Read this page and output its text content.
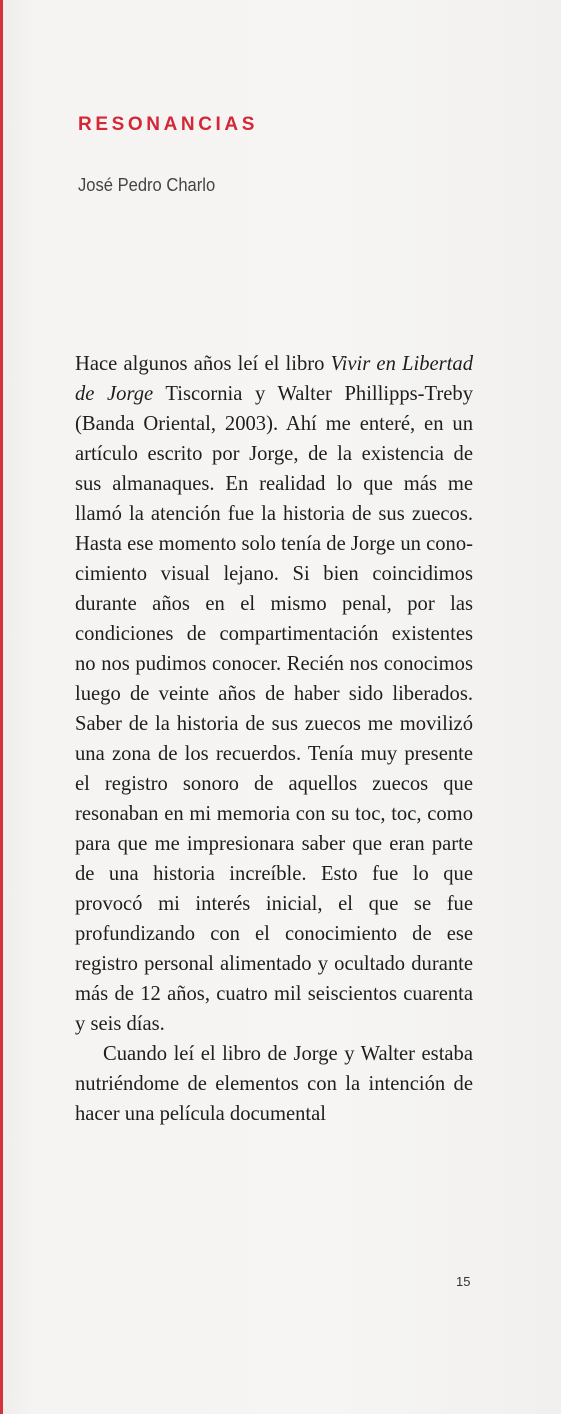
RESONANCIAS

José Pedro Charlo

Hace algunos años leí el libro Vivir en Libertad de Jorge Tiscornia y Walter Phillipps-Treby (Banda Oriental, 2003). Ahí me enteré, en un artículo escrito por Jorge, de la existencia de sus almanaques. En realidad lo que más me llamó la atención fue la historia de sus zuecos. Hasta ese momento solo tenía de Jorge un conocimiento visual lejano. Si bien coincidimos durante años en el mismo penal, por las condiciones de compartimentación existentes no nos pudimos conocer. Recién nos conocimos luego de veinte años de haber sido liberados. Saber de la historia de sus zuecos me movilizó una zona de los recuerdos. Tenía muy presente el registro sonoro de aquellos zuecos que resonaban en mi memoria con su toc, toc, como para que me impresionara saber que eran parte de una historia increíble. Esto fue lo que provocó mi interés inicial, el que se fue profundizando con el conocimiento de ese registro personal alimentado y ocultado durante más de 12 años, cuatro mil seiscientos cuarenta y seis días.

Cuando leí el libro de Jorge y Walter estaba nutriéndome de elementos con la intención de hacer una película documental

15
